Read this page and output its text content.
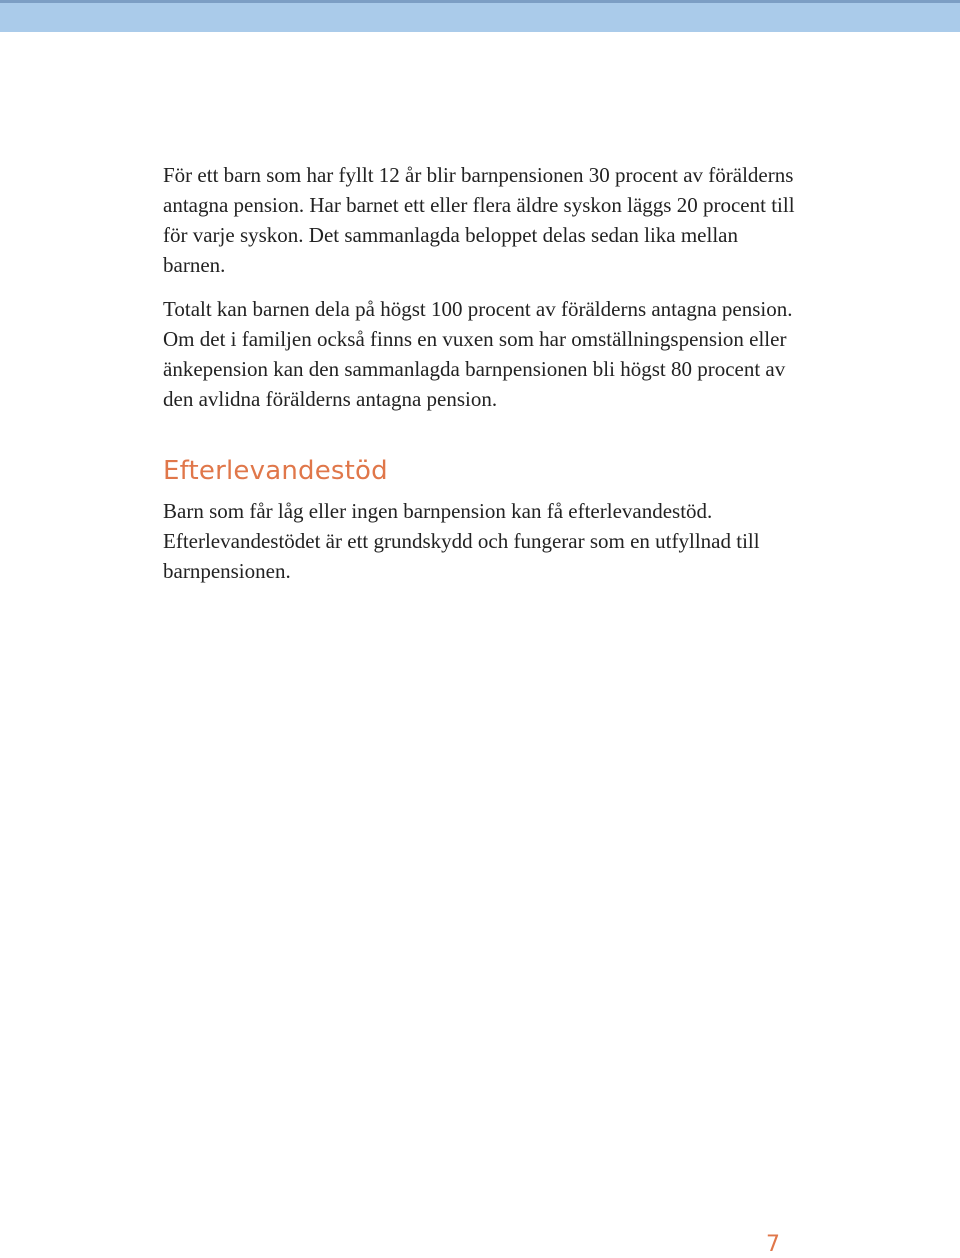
För ett barn som har fyllt 12 år blir barnpensionen 30 procent av förälderns antagna pension. Har barnet ett eller flera äldre syskon läggs 20 procent till för varje syskon. Det sammanlagda beloppet delas sedan lika mellan barnen.

Totalt kan barnen dela på högst 100 procent av förälderns antagna pension. Om det i familjen också finns en vuxen som har omställningspension eller änkepension kan den sammanlagda barnpensionen bli högst 80 procent av den avlidna förälderns antagna pension.

Efterlevandestöd

Barn som får låg eller ingen barnpension kan få efterlevandestöd. Efterlevandestödet är ett grundskydd och fungerar som en utfyllnad till barnpensionen.

7
